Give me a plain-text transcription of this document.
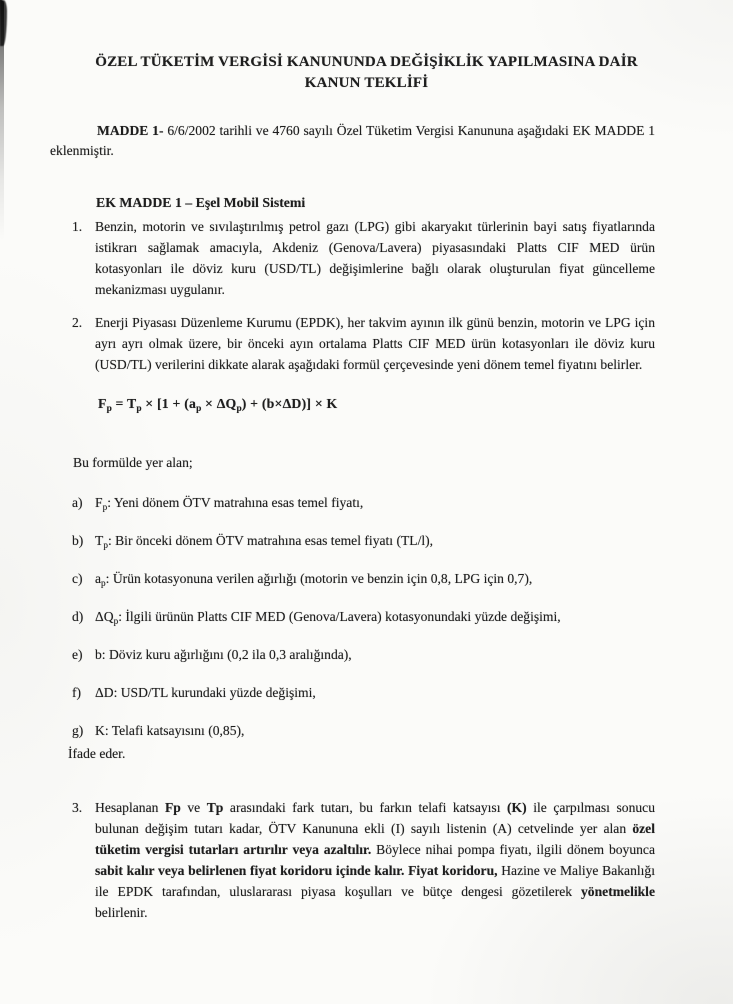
ÖZEL TÜKETİM VERGİSİ KANUNUNDA DEĞİŞİKLİK YAPILMASINA DAİR
KANUN TEKLİFİ

MADDE 1- 6/6/2002 tarihli ve 4760 sayılı Özel Tüketim Vergisi Kanununa aşağıdaki EK MADDE 1 eklenmiştir.

EK MADDE 1 – Eşel Mobil Sistemi
1. Benzin, motorin ve sıvılaştırılmış petrol gazı (LPG) gibi akaryakıt türlerinin bayi satış fiyatlarında istikrarı sağlamak amacıyla, Akdeniz (Genova/Lavera) piyasasındaki Platts CIF MED ürün kotasyonları ile döviz kuru (USD/TL) değişimlerine bağlı olarak oluşturulan fiyat güncelleme mekanizması uygulanır.
2. Enerji Piyasası Düzenleme Kurumu (EPDK), her takvim ayının ilk günü benzin, motorin ve LPG için ayrı ayrı olmak üzere, bir önceki ayın ortalama Platts CIF MED ürün kotasyonları ile döviz kuru (USD/TL) verilerini dikkate alarak aşağıdaki formül çerçevesinde yeni dönem temel fiyatını belirler.
Fp = Tp × [1 + (ap × ΔQp) + (b×ΔD)] × K
Bu formülde yer alan;
a) Fp: Yeni dönem ÖTV matrahına esas temel fiyatı,
b) Tp: Bir önceki dönem ÖTV matrahına esas temel fiyatı (TL/l),
c) ap: Ürün kotasyonuna verilen ağırlığı (motorin ve benzin için 0,8, LPG için 0,7),
d) ΔQp: İlgili ürünün Platts CIF MED (Genova/Lavera) kotasyonundaki yüzde değişimi,
e) b: Döviz kuru ağırlığını (0,2 ila 0,3 aralığında),
f)	ΔD: USD/TL kurundaki yüzde değişimi,
g) K: Telafi katsayısını (0,85),
İfade eder.
3. Hesaplanan Fp ve Tp arasındaki fark tutarı, bu farkın telafi katsayısı (K) ile çarpılması sonucu bulunan değişim tutarı kadar, ÖTV Kanununa ekli (I) sayılı listenin (A) cetvelinde yer alan özel tüketim vergisi tutarları artırılır veya azaltılır. Böylece nihai pompa fiyatı, ilgili dönem boyunca sabit kalır veya belirlenen fiyat koridoru içinde kalır. Fiyat koridoru, Hazine ve Maliye Bakanlığı ile EPDK tarafından, uluslararası piyasa koşulları ve bütçe dengesi gözetilerek yönetmelikle belirlenir.
